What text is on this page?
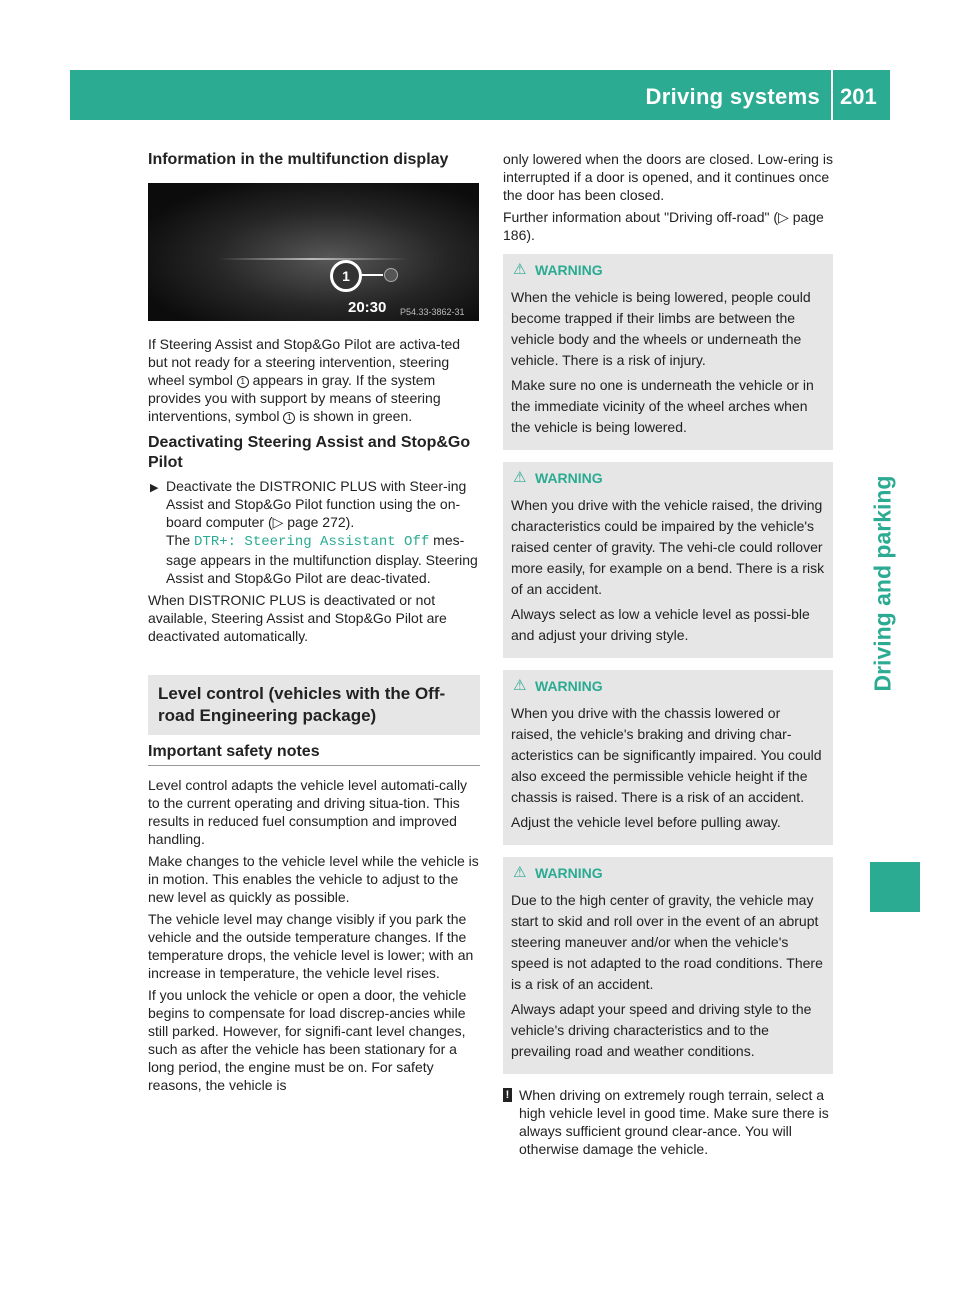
Driving systems 201
Driving and parking
Information in the multifunction display
1
20:30 P54.33-3862-31

If Steering Assist and Stop&Go Pilot are activa-ted but not ready for a steering intervention, steering wheel symbol 1 appears in gray. If the system provides you with support by means of steering interventions, symbol 1 is shown in green.

Deactivating Steering Assist and Stop&Go Pilot
▶ Deactivate the DISTRONIC PLUS with Steer-ing Assist and Stop&Go Pilot function using the on-board computer (▷ page 272).
The DTR+: Steering Assistant Off mes-sage appears in the multifunction display. Steering Assist and Stop&Go Pilot are deac-tivated.

When DISTRONIC PLUS is deactivated or not available, Steering Assist and Stop&Go Pilot are deactivated automatically.

Level control (vehicles with the Off-road Engineering package)
Important safety notes

Level control adapts the vehicle level automati-cally to the current operating and driving situa-tion. This results in reduced fuel consumption and improved handling.

Make changes to the vehicle level while the vehicle is in motion. This enables the vehicle to adjust to the new level as quickly as possible.

The vehicle level may change visibly if you park the vehicle and the outside temperature changes. If the temperature drops, the vehicle level is lower; with an increase in temperature, the vehicle level rises.

If you unlock the vehicle or open a door, the vehicle begins to compensate for load discrep-ancies while still parked. However, for signifi-cant level changes, such as after the vehicle has been stationary for a long period, the engine must be on. For safety reasons, the vehicle is

only lowered when the doors are closed. Low-ering is interrupted if a door is opened, and it continues once the door has been closed.

Further information about "Driving off-road" (▷ page 186).

⚠ WARNING

When the vehicle is being lowered, people could become trapped if their limbs are between the vehicle body and the wheels or underneath the vehicle. There is a risk of injury.

Make sure no one is underneath the vehicle or in the immediate vicinity of the wheel arches when the vehicle is being lowered.

⚠ WARNING

When you drive with the vehicle raised, the driving characteristics could be impaired by the vehicle's raised center of gravity. The vehi-cle could rollover more easily, for example on a bend. There is a risk of an accident.

Always select as low a vehicle level as possi-ble and adjust your driving style.

⚠ WARNING

When you drive with the chassis lowered or raised, the vehicle's braking and driving char-acteristics can be significantly impaired. You could also exceed the permissible vehicle height if the chassis is raised. There is a risk of an accident.

Adjust the vehicle level before pulling away.

⚠ WARNING

Due to the high center of gravity, the vehicle may start to skid and roll over in the event of an abrupt steering maneuver and/or when the vehicle's speed is not adapted to the road conditions. There is a risk of an accident.

Always adapt your speed and driving style to the vehicle's driving characteristics and to the prevailing road and weather conditions.

! When driving on extremely rough terrain, select a high vehicle level in good time. Make sure there is always sufficient ground clear-ance. You will otherwise damage the vehicle.
